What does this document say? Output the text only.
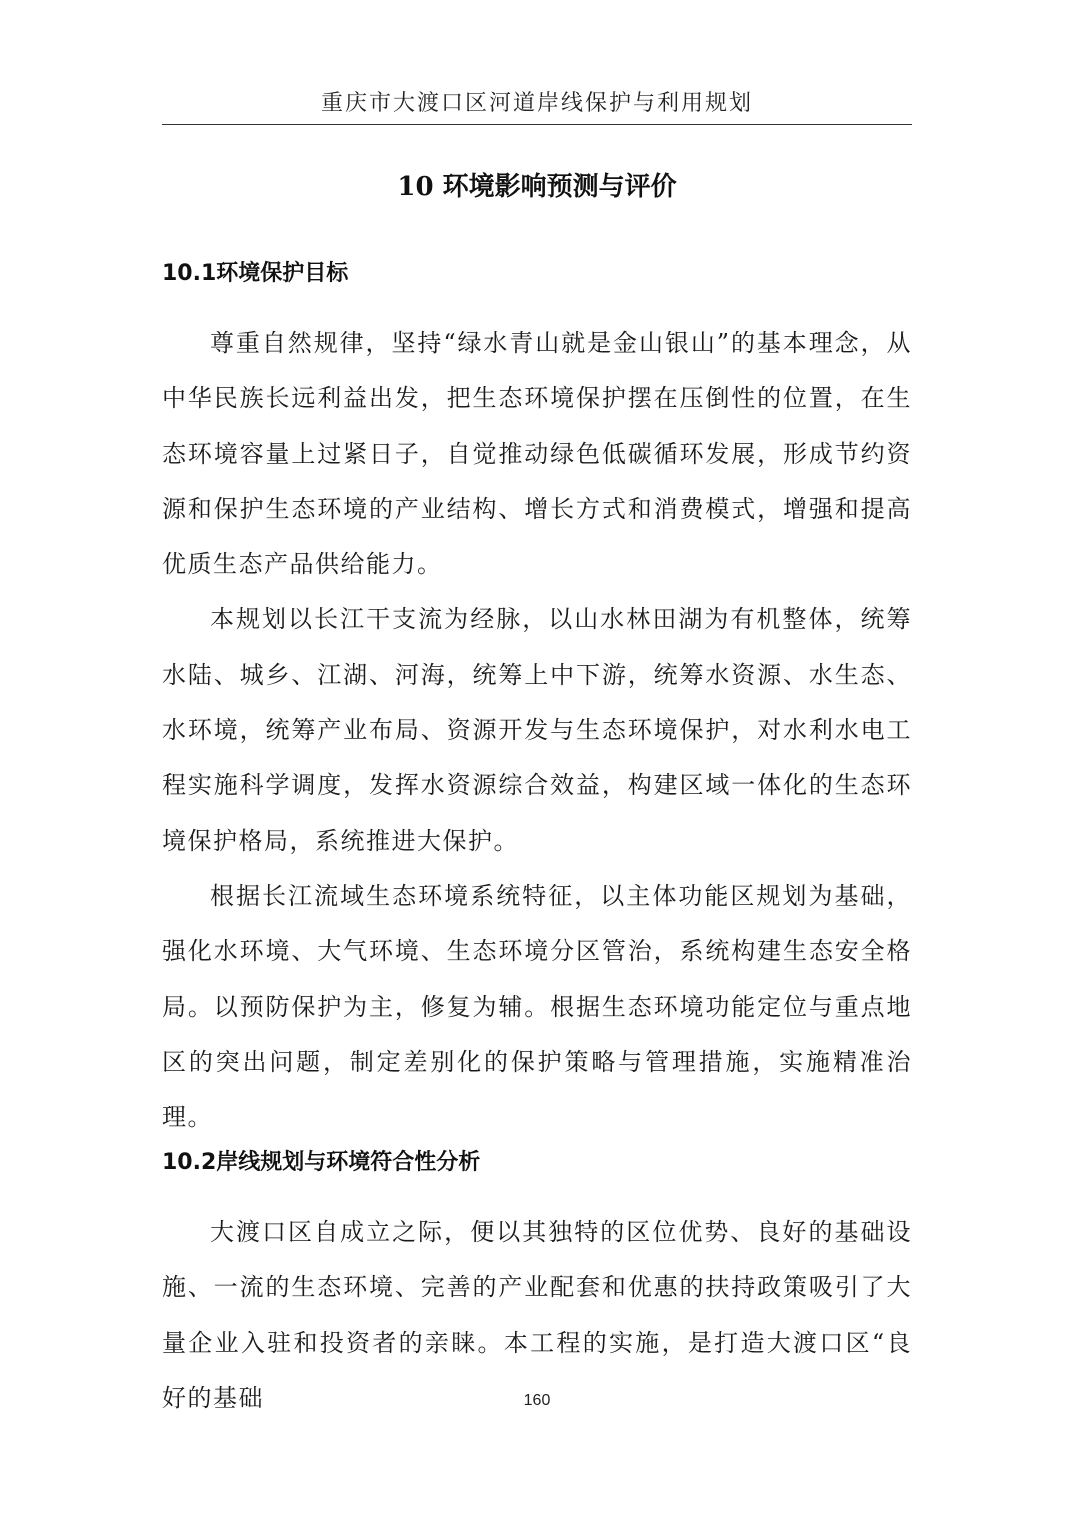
重庆市大渡口区河道岸线保护与利用规划
10 环境影响预测与评价
10.1环境保护目标

尊重自然规律，坚持“绿水青山就是金山银山”的基本理念，从中华民族长远利益出发，把生态环境保护摆在压倒性的位置，在生态环境容量上过紧日子，自觉推动绿色低碳循环发展，形成节约资源和保护生态环境的产业结构、增长方式和消费模式，增强和提高优质生态产品供给能力。

本规划以长江干支流为经脉，以山水林田湖为有机整体，统筹水陆、城乡、江湖、河海，统筹上中下游，统筹水资源、水生态、水环境，统筹产业布局、资源开发与生态环境保护，对水利水电工程实施科学调度，发挥水资源综合效益，构建区域一体化的生态环境保护格局，系统推进大保护。

根据长江流域生态环境系统特征，以主体功能区规划为基础，强化水环境、大气环境、生态环境分区管治，系统构建生态安全格局。以预防保护为主，修复为辅。根据生态环境功能定位与重点地区的突出问题，制定差别化的保护策略与管理措施，实施精准治理。

10.2岸线规划与环境符合性分析

大渡口区自成立之际，便以其独特的区位优势、良好的基础设施、一流的生态环境、完善的产业配套和优惠的扶持政策吸引了大量企业入驻和投资者的亲睐。本工程的实施，是打造大渡口区“良好的基础	160
